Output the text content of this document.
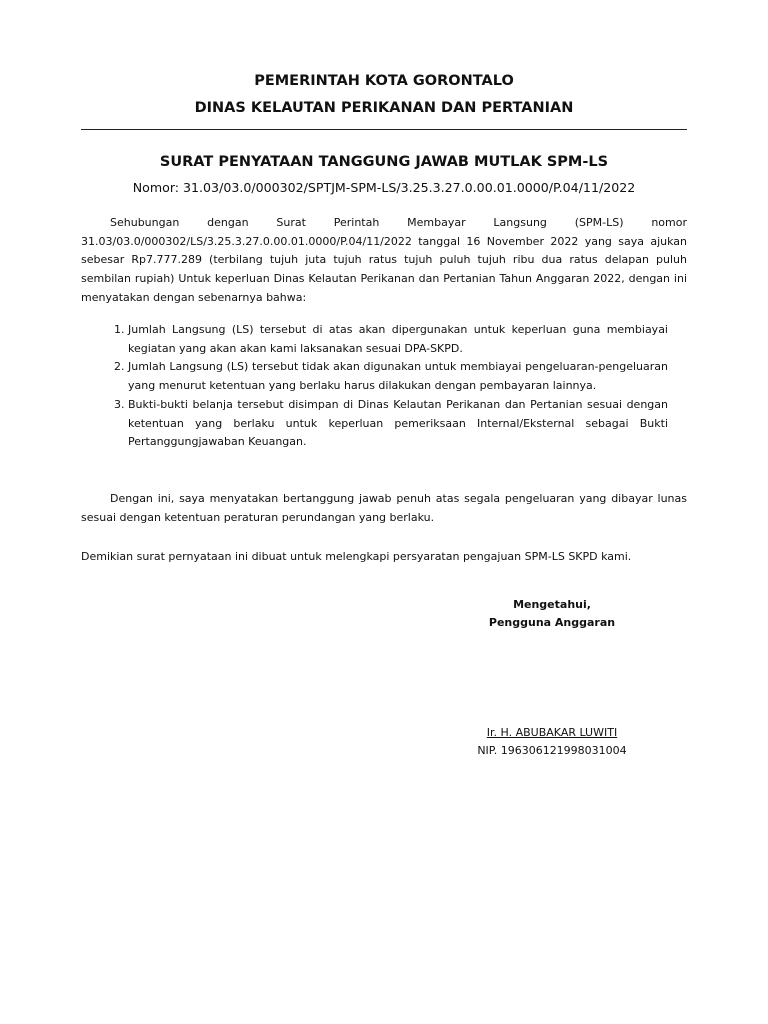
PEMERINTAH KOTA GORONTALO
DINAS KELAUTAN PERIKANAN DAN PERTANIAN
SURAT PENYATAAN TANGGUNG JAWAB MUTLAK SPM-LS
Nomor: 31.03/03.0/000302/SPTJM-SPM-LS/3.25.3.27.0.00.01.0000/P.04/11/2022
Sehubungan dengan Surat Perintah Membayar Langsung (SPM-LS) nomor 31.03/03.0/000302/LS/3.25.3.27.0.00.01.0000/P.04/11/2022 tanggal 16 November 2022 yang saya ajukan sebesar Rp7.777.289 (terbilang tujuh juta tujuh ratus tujuh puluh tujuh ribu dua ratus delapan puluh sembilan rupiah) Untuk keperluan Dinas Kelautan Perikanan dan Pertanian Tahun Anggaran 2022, dengan ini menyatakan dengan sebenarnya bahwa:
1. Jumlah Langsung (LS) tersebut di atas akan dipergunakan untuk keperluan guna membiayai kegiatan yang akan akan kami laksanakan sesuai DPA-SKPD.
2. Jumlah Langsung (LS) tersebut tidak akan digunakan untuk membiayai pengeluaran-pengeluaran yang menurut ketentuan yang berlaku harus dilakukan dengan pembayaran lainnya.
3. Bukti-bukti belanja tersebut disimpan di Dinas Kelautan Perikanan dan Pertanian sesuai dengan ketentuan yang berlaku untuk keperluan pemeriksaan Internal/Eksternal sebagai Bukti Pertanggungjawaban Keuangan.
Dengan ini, saya menyatakan bertanggung jawab penuh atas segala pengeluaran yang dibayar lunas sesuai dengan ketentuan peraturan perundangan yang berlaku.
Demikian surat pernyataan ini dibuat untuk melengkapi persyaratan pengajuan SPM-LS SKPD kami.
Mengetahui,
Pengguna Anggaran
Ir. H. ABUBAKAR LUWITI
NIP. 196306121998031004
